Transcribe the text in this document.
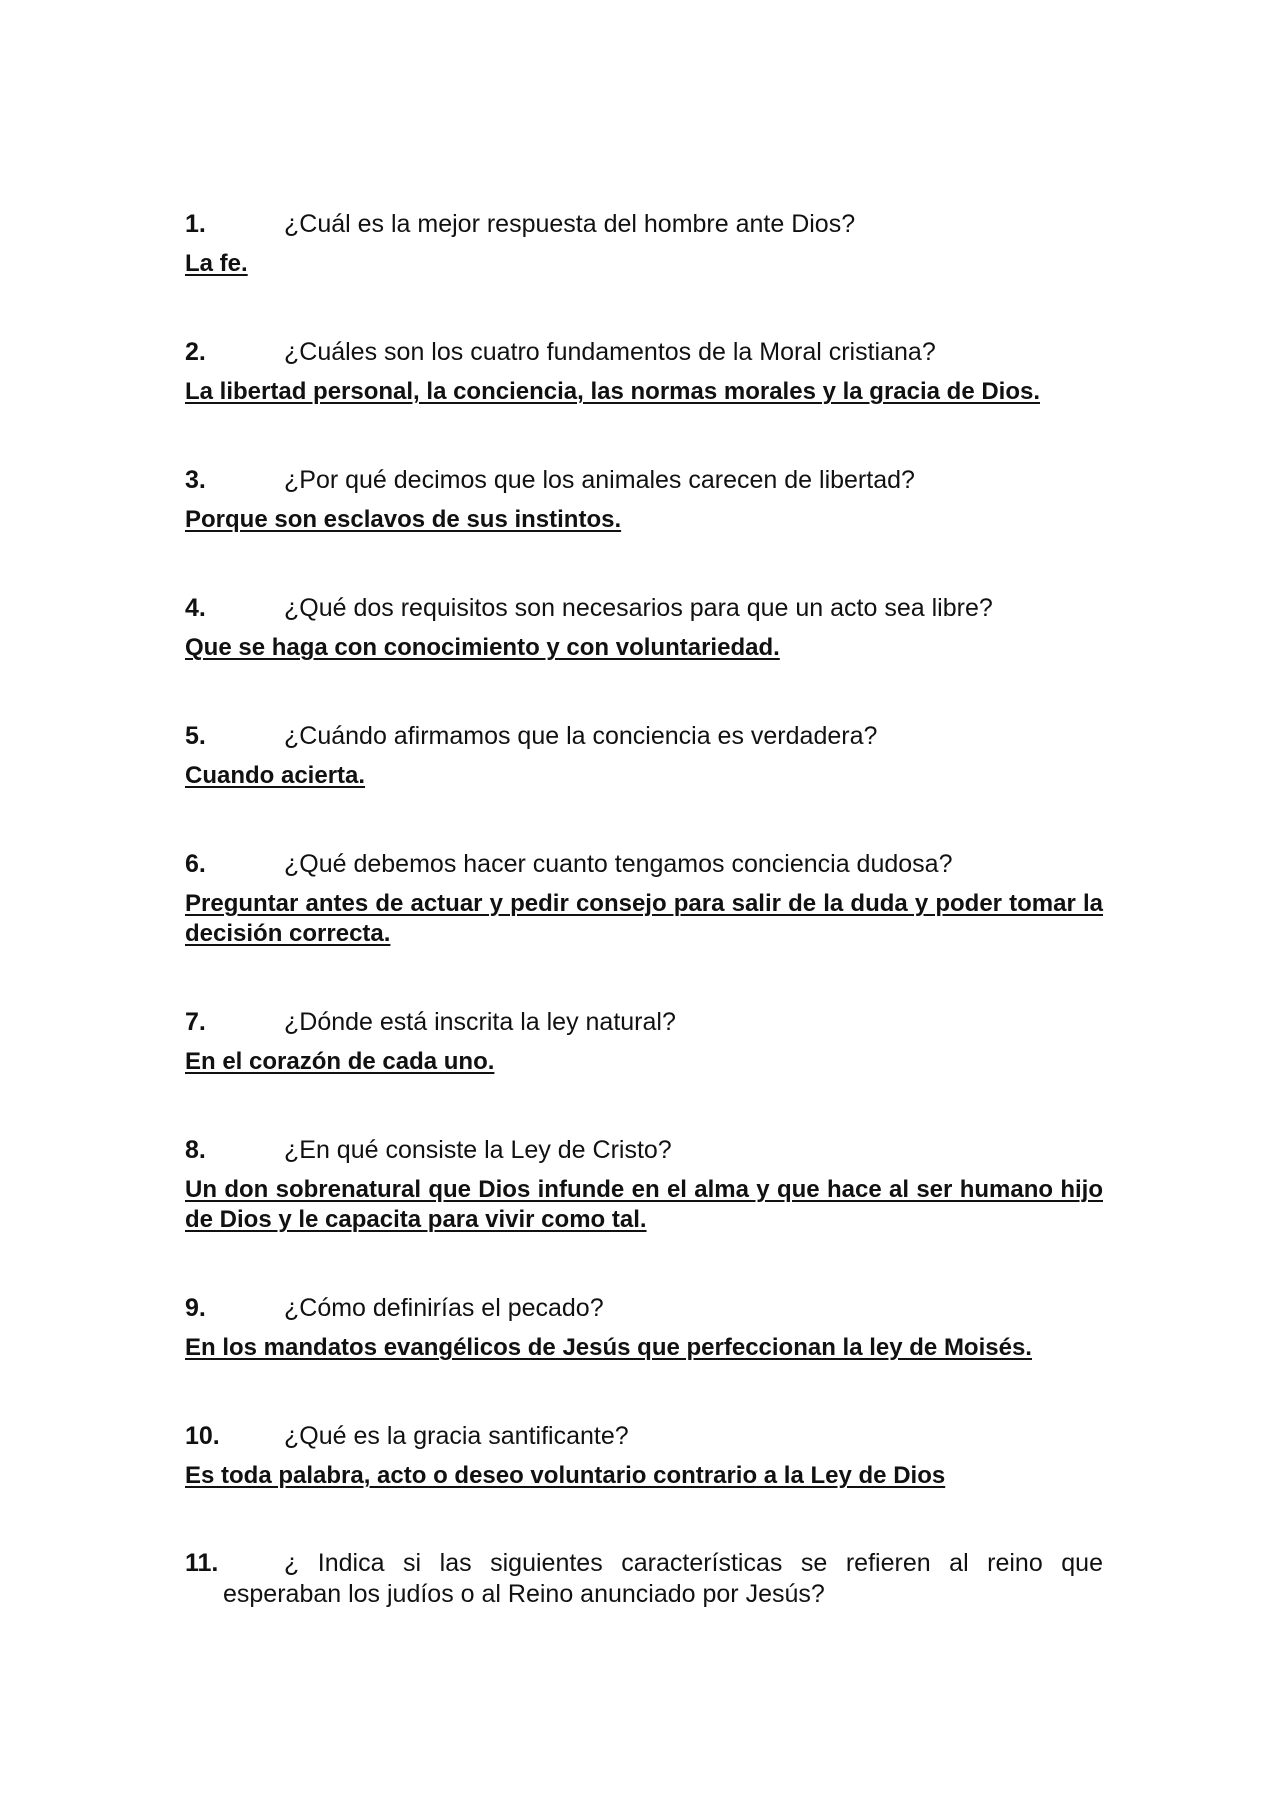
1.	¿Cuál es la mejor respuesta del hombre ante Dios?

La fe.

2.	¿Cuáles son los cuatro fundamentos de la Moral cristiana?

La libertad personal, la conciencia, las normas morales y la gracia de Dios.

3.	¿Por qué decimos que los animales carecen de libertad?

Porque son esclavos de sus instintos.

4.	¿Qué dos requisitos son necesarios para que un acto sea libre?

Que se haga con conocimiento y con voluntariedad.

5.	¿Cuándo afirmamos que la conciencia es verdadera?

Cuando acierta.

6.	¿Qué debemos hacer cuanto tengamos conciencia dudosa?

Preguntar antes de actuar y pedir consejo para salir de la duda y poder tomar la decisión correcta.

7.	¿Dónde está inscrita la ley natural?

En el corazón de cada uno.

8.	¿En qué consiste la Ley de Cristo?

Un don sobrenatural que Dios infunde en el alma y que hace al ser humano hijo de Dios y le capacita para vivir como tal.

9.	¿Cómo definirías el pecado?

En los mandatos evangélicos de Jesús que perfeccionan la ley de Moisés.

10.	¿Qué es la gracia santificante?

Es toda palabra, acto o deseo voluntario contrario a la Ley de Dios

11.	¿ Indica si las siguientes características se refieren al reino que esperaban los judíos o al Reino anunciado por Jesús?
